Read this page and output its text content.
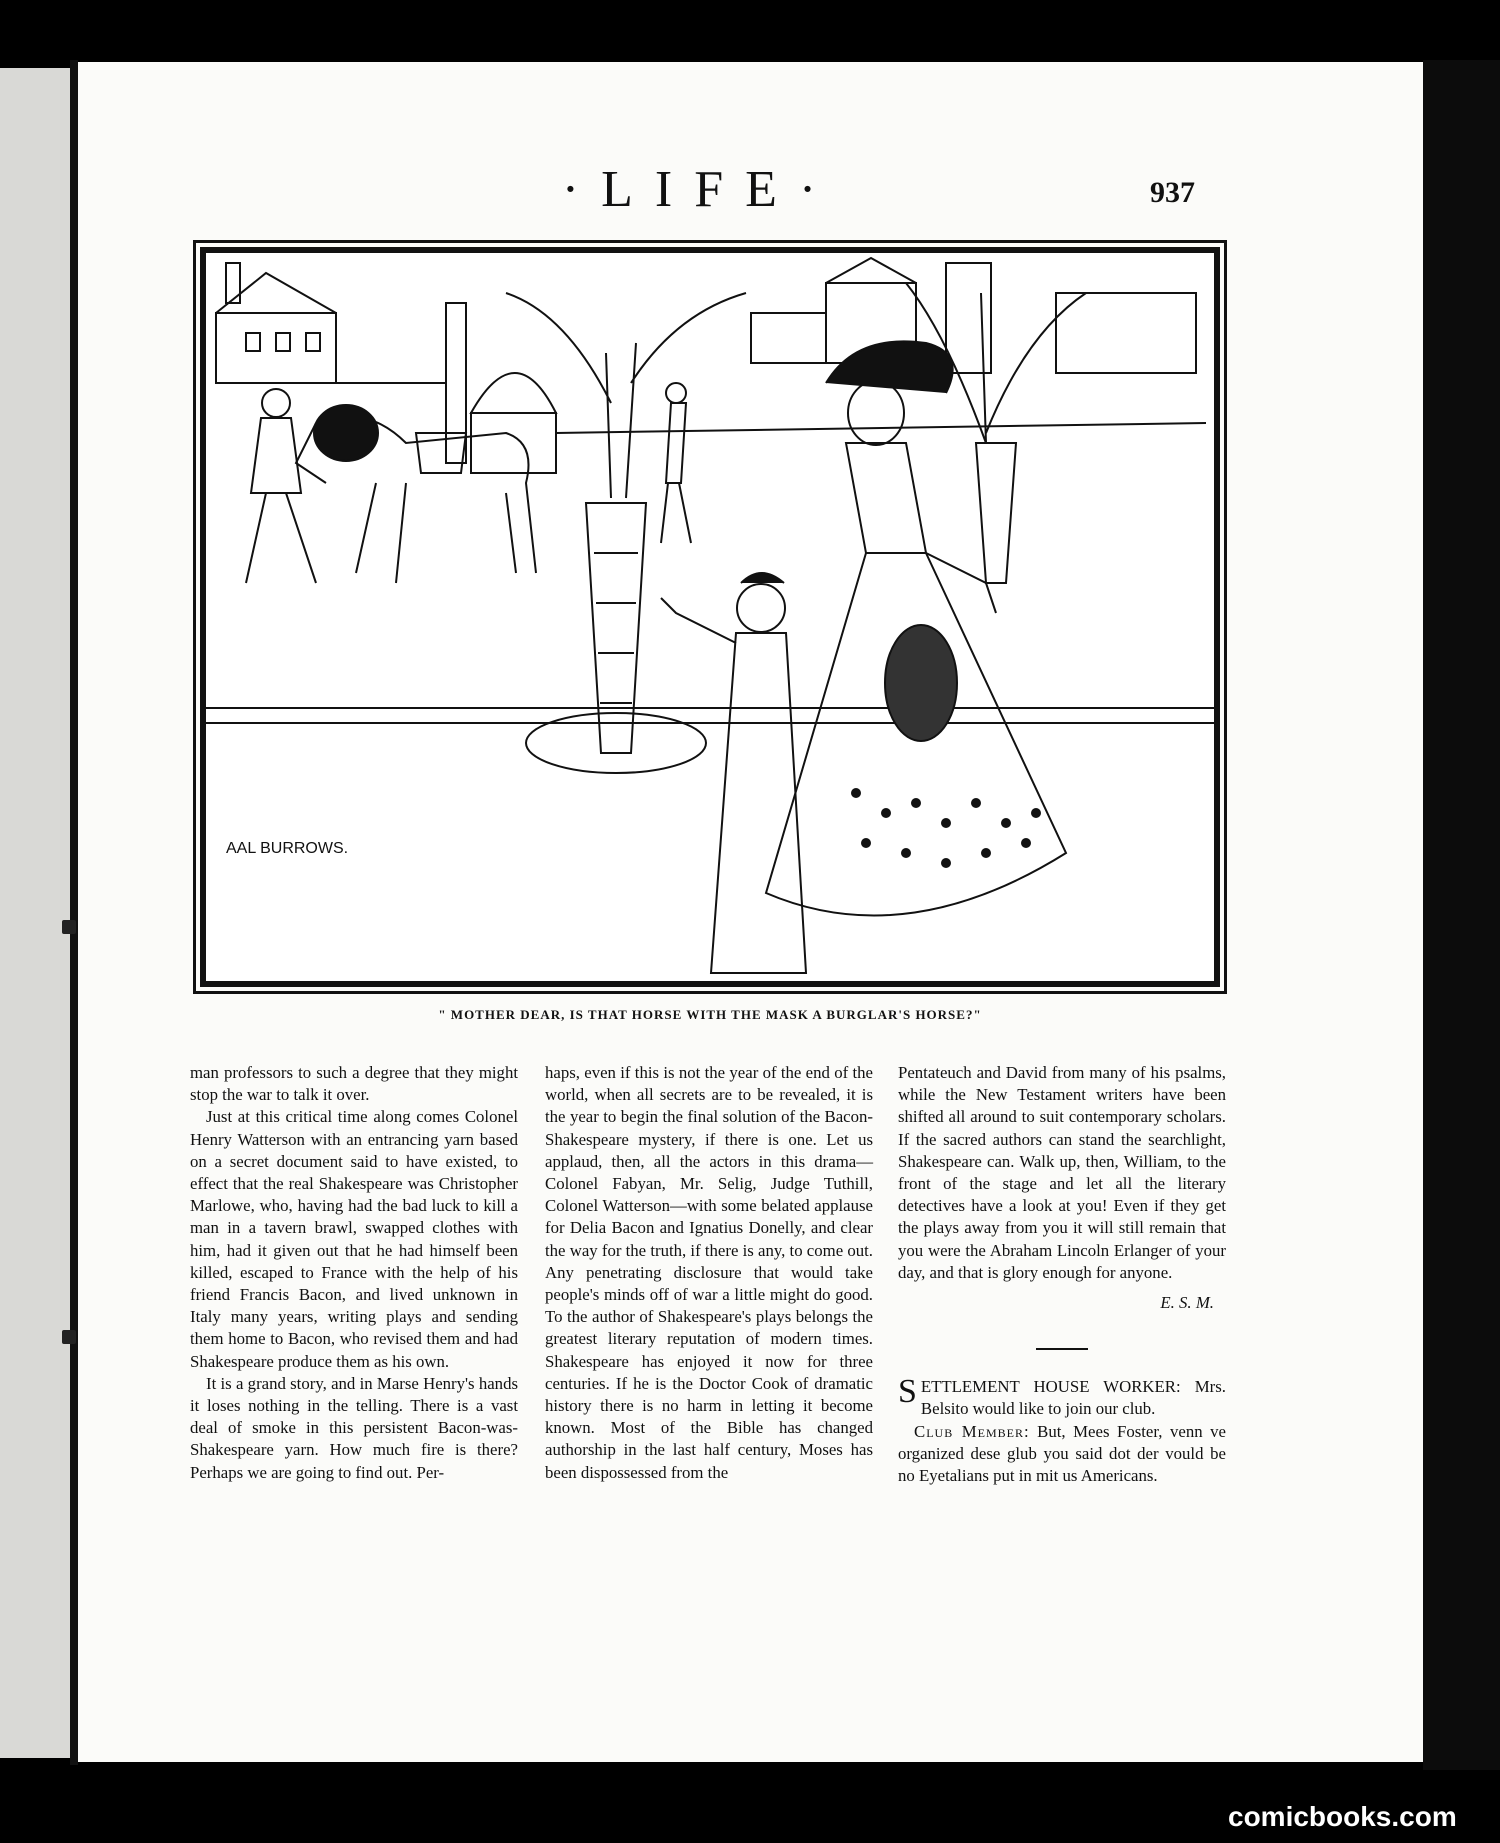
·LIFE·	937
AAL BURROWS.
" MOTHER DEAR, IS THAT HORSE WITH THE MASK A BURGLAR'S HORSE?"

man professors to such a degree that they might stop the war to talk it over.

Just at this critical time along comes Colonel Henry Watterson with an entrancing yarn based on a secret document said to have existed, to effect that the real Shakespeare was Christopher Marlowe, who, having had the bad luck to kill a man in a tavern brawl, swapped clothes with him, had it given out that he had himself been killed, escaped to France with the help of his friend Francis Bacon, and lived unknown in Italy many years, writing plays and sending them home to Bacon, who revised them and had Shakespeare produce them as his own.

It is a grand story, and in Marse Henry's hands it loses nothing in the telling. There is a vast deal of smoke in this persistent Bacon-was-Shakespeare yarn. How much fire is there? Perhaps we are going to find out. Per-

haps, even if this is not the year of the end of the world, when all secrets are to be revealed, it is the year to begin the final solution of the Bacon-Shakespeare mystery, if there is one. Let us applaud, then, all the actors in this drama—Colonel Fabyan, Mr. Selig, Judge Tuthill, Colonel Watterson—with some belated applause for Delia Bacon and Ignatius Donelly, and clear the way for the truth, if there is any, to come out. Any penetrating disclosure that would take people's minds off of war a little might do good. To the author of Shakespeare's plays belongs the greatest literary reputation of modern times. Shakespeare has enjoyed it now for three centuries. If he is the Doctor Cook of dramatic history there is no harm in letting it become known. Most of the Bible has changed authorship in the last half century, Moses has been dispossessed from the

Pentateuch and David from many of his psalms, while the New Testament writers have been shifted all around to suit contemporary scholars. If the sacred authors can stand the searchlight, Shakespeare can. Walk up, then, William, to the front of the stage and let all the literary detectives have a look at you! Even if they get the plays away from you it will still remain that you were the Abraham Lincoln Erlanger of your day, and that is glory enough for anyone.

E. S. M.

SETTLEMENT HOUSE WORKER: Mrs. Belsito would like to join our club.

Club Member: But, Mees Foster, venn ve organized dese glub you said dot der vould be no Eyetalians put in mit us Americans.

comicbooks.com
